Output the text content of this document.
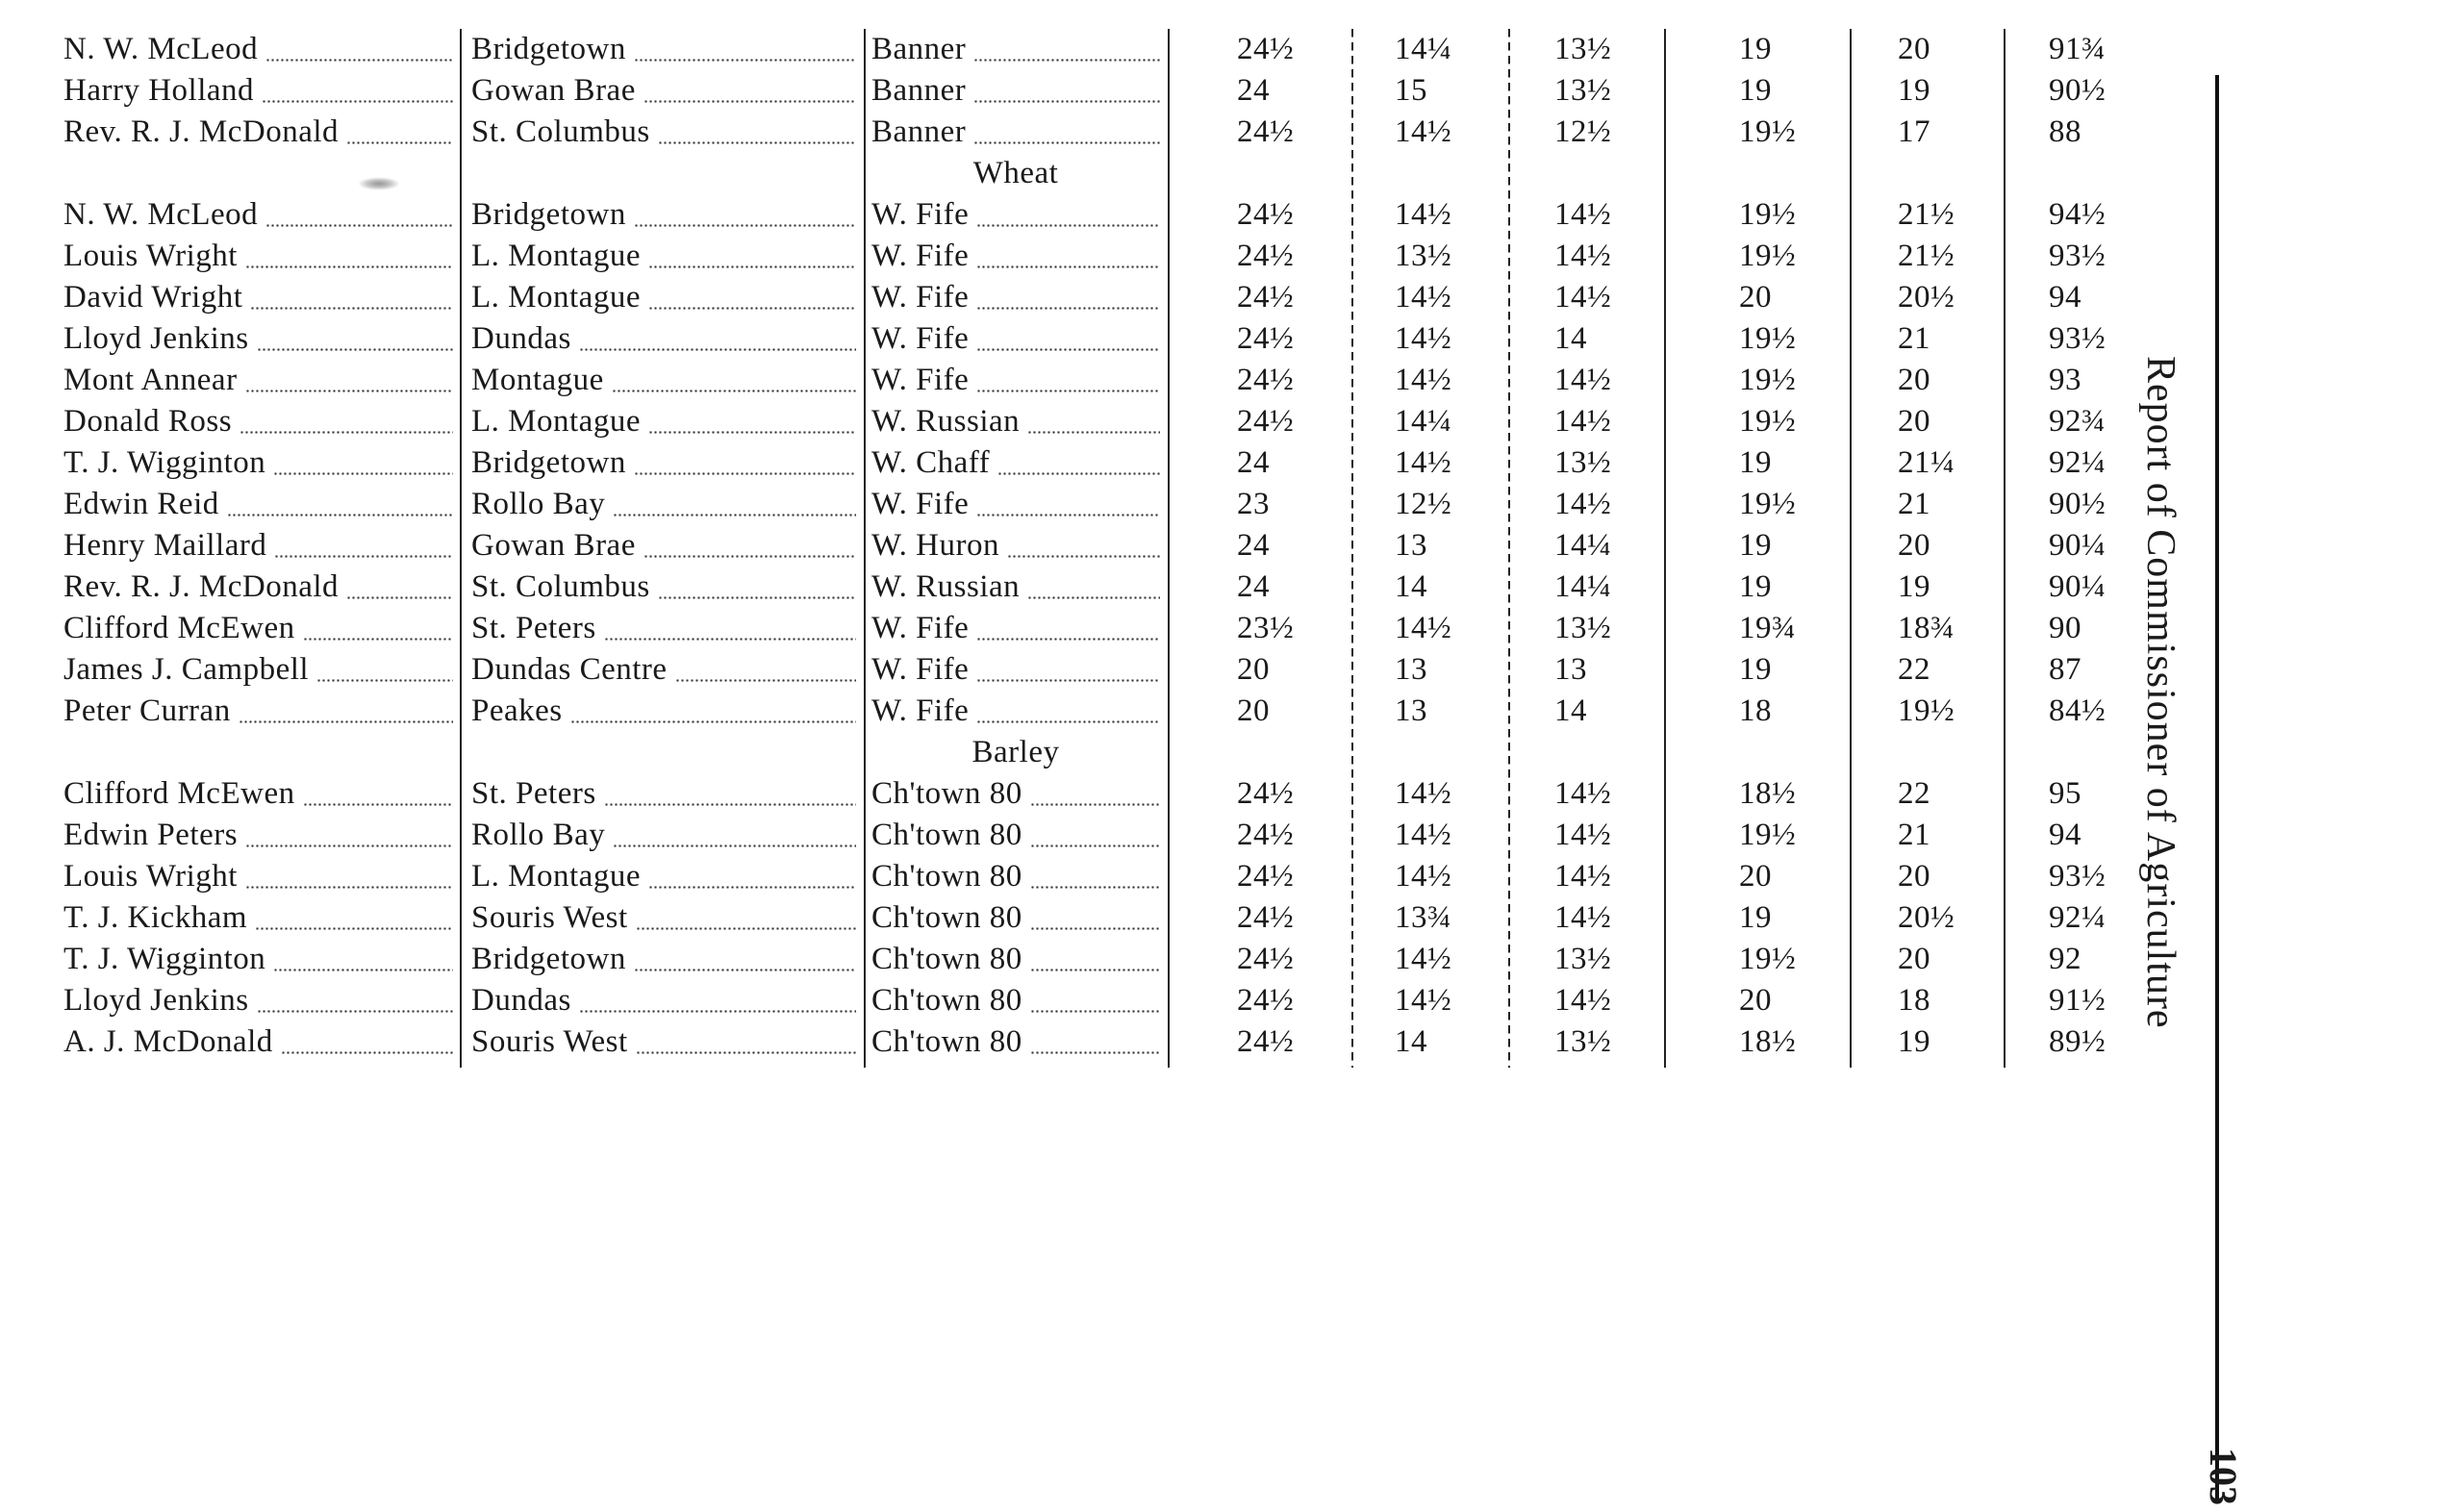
N. W. McLeod	Bridgetown	Banner	24½	14¼	13½	19	20	91¾
Harry Holland	Gowan Brae	Banner	24	15	13½	19	19	90½
Rev. R. J. McDonald	St. Columbus	Banner	24½	14½	12½	19½	17	88
Wheat
N. W. McLeod	Bridgetown	W. Fife	24½	14½	14½	19½	21½	94½
Louis Wright	L. Montague	W. Fife	24½	13½	14½	19½	21½	93½
David Wright	L. Montague	W. Fife	24½	14½	14½	20	20½	94
Lloyd Jenkins	Dundas	W. Fife	24½	14½	14	19½	21	93½
Mont Annear	Montague	W. Fife	24½	14½	14½	19½	20	93
Donald Ross	L. Montague	W. Russian	24½	14¼	14½	19½	20	92¾
T. J. Wigginton	Bridgetown	W. Chaff	24	14½	13½	19	21¼	92¼
Edwin Reid	Rollo Bay	W. Fife	23	12½	14½	19½	21	90½
Henry Maillard	Gowan Brae	W. Huron	24	13	14¼	19	20	90¼
Rev. R. J. McDonald	St. Columbus	W. Russian	24	14	14¼	19	19	90¼
Clifford McEwen	St. Peters	W. Fife	23½	14½	13½	19¾	18¾	90
James J. Campbell	Dundas Centre	W. Fife	20	13	13	19	22	87
Peter Curran	Peakes	W. Fife	20	13	14	18	19½	84½
Barley
Clifford McEwen	St. Peters	Ch'town 80	24½	14½	14½	18½	22	95
Edwin Peters	Rollo Bay	Ch'town 80	24½	14½	14½	19½	21	94
Louis Wright	L. Montague	Ch'town 80	24½	14½	14½	20	20	93½
T. J. Kickham	Souris West	Ch'town 80	24½	13¾	14½	19	20½	92¼
T. J. Wigginton	Bridgetown	Ch'town 80	24½	14½	13½	19½	20	92
Lloyd Jenkins	Dundas	Ch'town 80	24½	14½	14½	20	18	91½
A. J. McDonald	Souris West	Ch'town 80	24½	14	13½	18½	19	89½
Report of Commissioner of Agriculture
103
